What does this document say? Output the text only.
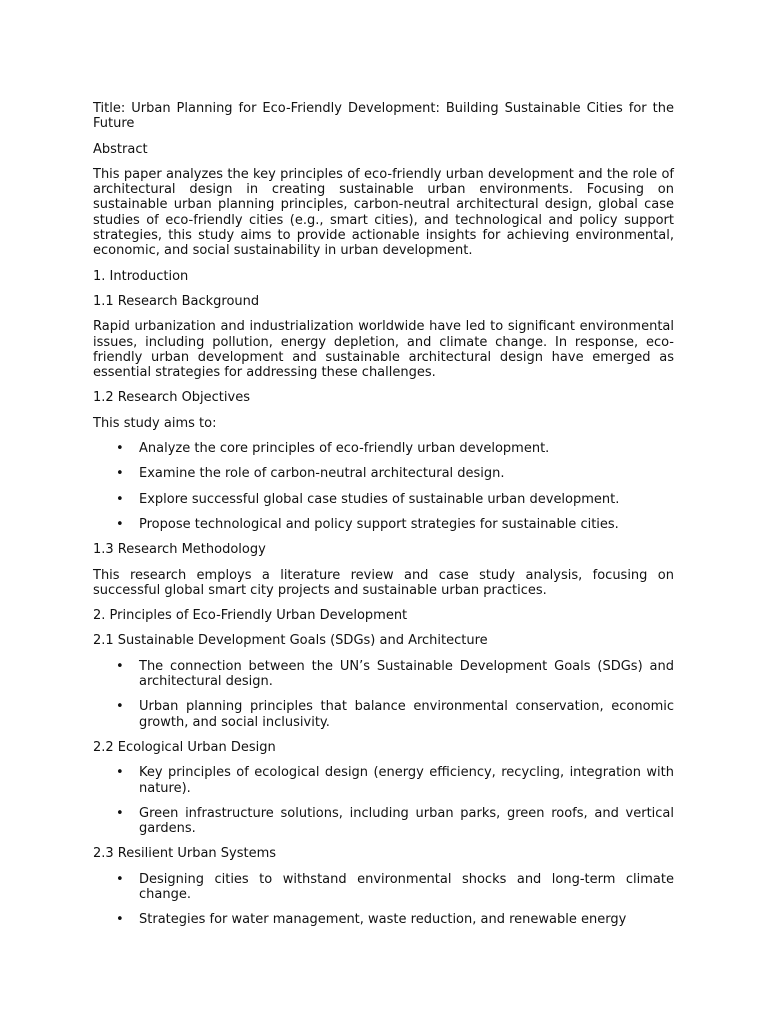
Title: Urban Planning for Eco-Friendly Development: Building Sustainable Cities for the Future

Abstract

This paper analyzes the key principles of eco-friendly urban development and the role of architectural design in creating sustainable urban environments. Focusing on sustainable urban planning principles, carbon-neutral architectural design, global case studies of eco-friendly cities (e.g., smart cities), and technological and policy support strategies, this study aims to provide actionable insights for achieving environmental, economic, and social sustainability in urban development.

1. Introduction

1.1 Research Background

Rapid urbanization and industrialization worldwide have led to significant environmental issues, including pollution, energy depletion, and climate change. In response, eco-friendly urban development and sustainable architectural design have emerged as essential strategies for addressing these challenges.

1.2 Research Objectives

This study aims to:

• Analyze the core principles of eco-friendly urban development.
• Examine the role of carbon-neutral architectural design.
• Explore successful global case studies of sustainable urban development.
• Propose technological and policy support strategies for sustainable cities.

1.3 Research Methodology

This research employs a literature review and case study analysis, focusing on successful global smart city projects and sustainable urban practices.

2. Principles of Eco-Friendly Urban Development

2.1 Sustainable Development Goals (SDGs) and Architecture

• The connection between the UN’s Sustainable Development Goals (SDGs) and architectural design.
• Urban planning principles that balance environmental conservation, economic growth, and social inclusivity.

2.2 Ecological Urban Design

• Key principles of ecological design (energy efficiency, recycling, integration with nature).
• Green infrastructure solutions, including urban parks, green roofs, and vertical gardens.

2.3 Resilient Urban Systems

• Designing cities to withstand environmental shocks and long-term climate change.
• Strategies for water management, waste reduction, and renewable energy
